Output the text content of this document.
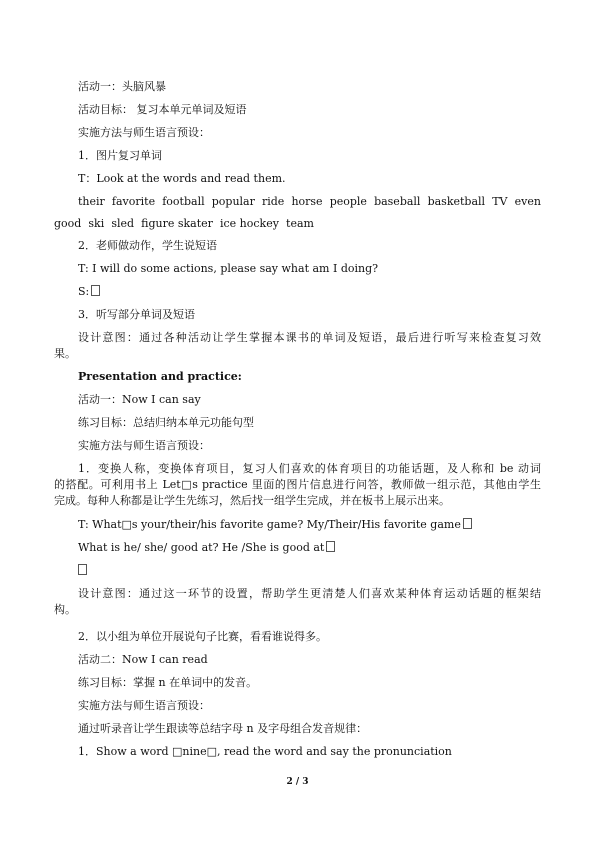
活动一：头脑风暴
活动目标： 复习本单元单词及短语
实施方法与师生语言预设：
1．图片复习单词
T：Look at the words and read them.
their favorite football popular ride horse people baseball basketball TV even
good ski sled figure skater ice hockey team
2．老师做动作，学生说短语
T: I will do some actions, please say what am I doing?
S:
3．听写部分单词及短语
设计意图：通过各种活动让学生掌握本课书的单词及短语，最后进行听写来检查复习效
果。
Presentation and practice:
活动一：Now I can say
练习目标：总结归纳本单元功能句型
实施方法与师生语言预设：
1．变换人称，变换体育项目，复习人们喜欢的体育项目的功能话题，及人称和 be 动词
的搭配。可利用书上 Let□s practice 里面的图片信息进行问答，教师做一组示范，其他由学生
完成。每种人称都是让学生先练习，然后找一组学生完成，并在板书上展示出来。
T: What□s your/their/his favorite game? My/Their/His favorite game
What is he/ she/ good at? He /She is good at
设计意图：通过这一环节的设置，帮助学生更清楚人们喜欢某种体育运动话题的框架结
构。
2．以小组为单位开展说句子比赛，看看谁说得多。
活动二：Now I can read
练习目标：掌握 n 在单词中的发音。
实施方法与师生语言预设：
通过听录音让学生跟读等总结字母 n 及字母组合发音规律：
1．Show a word □nine□, read the word and say the pronunciation
2 / 3
